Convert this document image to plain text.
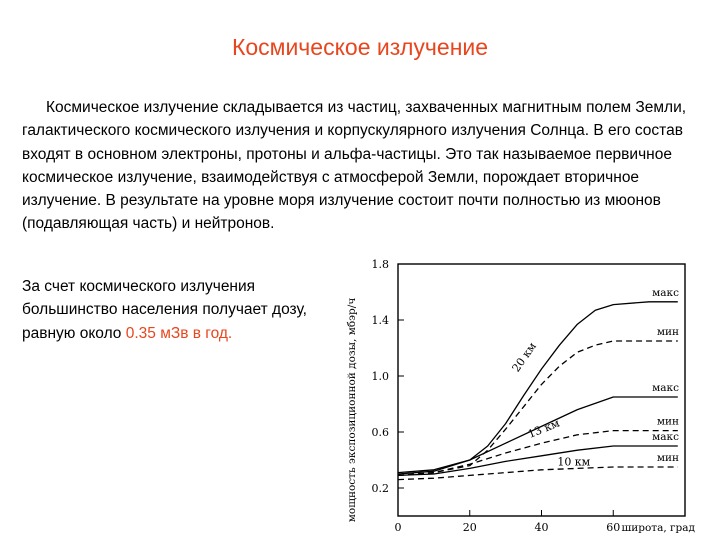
Космическое излучение

Космическое излучение складывается из частиц, захваченных магнитным полем Земли, галактического космического излучения и корпускулярного излучения Солнца. В его состав входят в основном электроны, протоны и альфа-частицы. Это так называемое первичное космическое излучение, взаимодействуя с атмосферой Земли, порождает вторичное излучение. В результате на уровне моря излучение состоит почти полностью из мюонов (подавляющая часть) и нейтронов.

За счет космического излучения большинство населения получает дозу, равную около 0.35 мЗв в год.

0.2
0.6
1.0
1.4
1.8
0	20	40	60 широта, град
мощность экспозиционной дозы, мбэр/ч
макс
мин
макс
мин
макс
мин
20 км
13 км
10 км
